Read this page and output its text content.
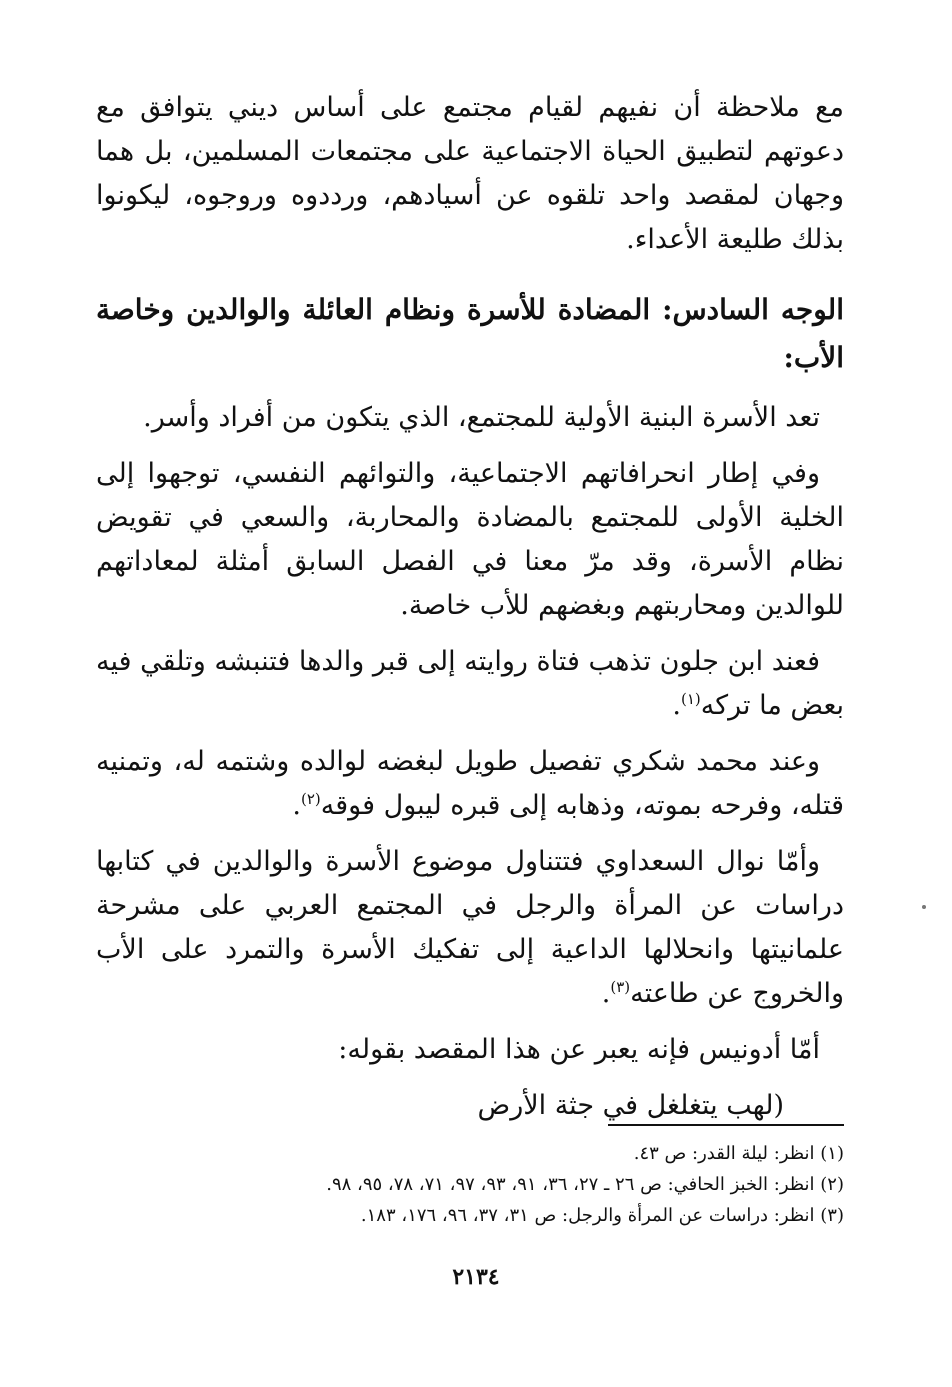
مع ملاحظة أن نفيهم لقيام مجتمع على أساس ديني يتوافق مع دعوتهم لتطبيق الحياة الاجتماعية على مجتمعات المسلمين، بل هما وجهان لمقصد واحد تلقوه عن أسيادهم، ورددوه وروجوه، ليكونوا بذلك طليعة الأعداء.

الوجه السادس: المضادة للأسرة ونظام العائلة والوالدين وخاصة الأب:

تعد الأسرة البنية الأولية للمجتمع، الذي يتكون من أفراد وأسر.

وفي إطار انحرافاتهم الاجتماعية، والتوائهم النفسي، توجهوا إلى الخلية الأولى للمجتمع بالمضادة والمحاربة، والسعي في تقويض نظام الأسرة، وقد مرّ معنا في الفصل السابق أمثلة لمعاداتهم للوالدين ومحاربتهم وبغضهم للأب خاصة.

فعند ابن جلون تذهب فتاة روايته إلى قبر والدها فتنبشه وتلقي فيه بعض ما تركه$^{(١)}$.

وعند محمد شكري تفصيل طويل لبغضه لوالده وشتمه له، وتمنيه قتله، وفرحه بموته، وذهابه إلى قبره ليبول فوقه$^{(٢)}$.

وأمّا نوال السعداوي فتتناول موضوع الأسرة والوالدين في كتابها دراسات عن المرأة والرجل في المجتمع العربي على مشرحة علمانيتها وانحلالها الداعية إلى تفكيك الأسرة والتمرد على الأب والخروج عن طاعته$^{(٣)}$.

أمّا أدونيس فإنه يعبر عن هذا المقصد بقوله:

(لهب يتغلغل في جثة الأرض

(١) انظر: ليلة القدر: ص ٤٣.
(٢) انظر: الخبز الحافي: ص ٢٦ ـ ٢٧، ٣٦، ٩١، ٩٣، ٩٧، ٧١، ٧٨، ٩٥، ٩٨.
(٣) انظر: دراسات عن المرأة والرجل: ص ٣١، ٣٧، ٩٦، ١٧٦، ١٨٣.
٢١٣٤
